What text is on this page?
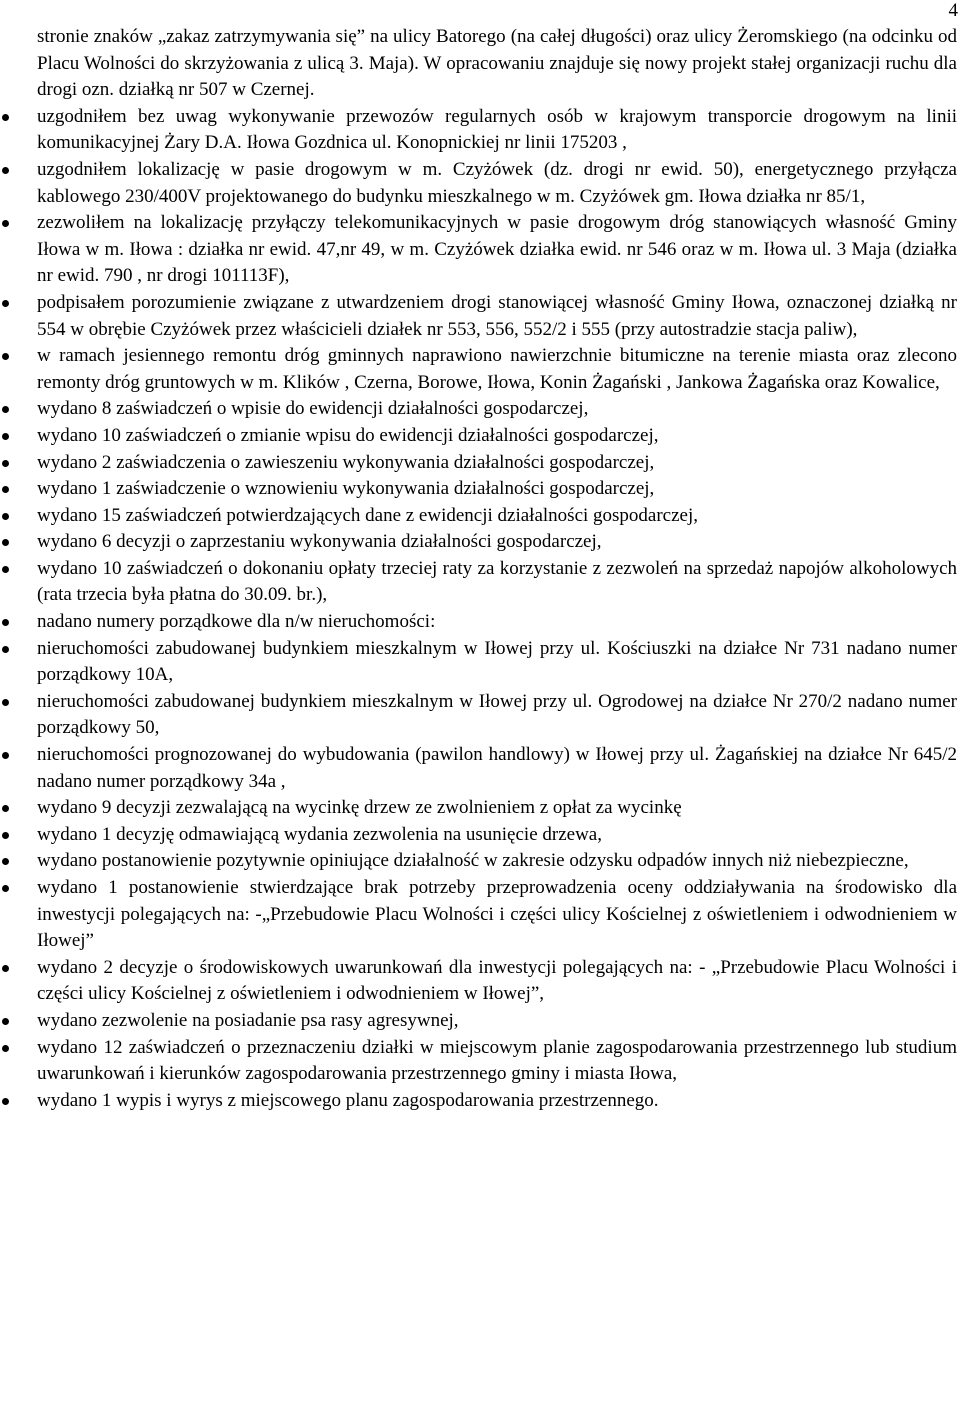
4

stronie znaków „zakaz zatrzymywania się” na ulicy Batorego (na całej długości) oraz ulicy Żeromskiego (na odcinku od Placu Wolności do skrzyżowania z ulicą 3. Maja). W opracowaniu znajduje się nowy projekt stałej organizacji ruchu dla drogi ozn. działką nr 507 w Czernej.

uzgodniłem bez uwag wykonywanie przewozów regularnych osób w krajowym transporcie drogowym na linii komunikacyjnej Żary D.A. Iłowa Gozdnica ul. Konopnickiej nr linii 175203 ,
uzgodniłem lokalizację w pasie drogowym w m. Czyżówek (dz. drogi nr ewid. 50), energetycznego przyłącza kablowego 230/400V projektowanego do budynku mieszkalnego w m. Czyżówek gm. Iłowa działka nr 85/1,
zezwoliłem na lokalizację przyłączy telekomunikacyjnych w pasie drogowym dróg stanowiących własność Gminy Iłowa w m. Iłowa : działka nr ewid. 47,nr 49, w m. Czyżówek działka ewid. nr 546 oraz w m. Iłowa ul. 3 Maja (działka nr ewid. 790 , nr drogi 101113F),
podpisałem porozumienie związane z utwardzeniem drogi stanowiącej własność Gminy Iłowa, oznaczonej działką nr 554 w obrębie Czyżówek przez właścicieli działek nr 553, 556, 552/2 i 555 (przy autostradzie stacja paliw),
w ramach jesiennego remontu dróg gminnych naprawiono nawierzchnie bitumiczne na terenie miasta oraz zlecono remonty dróg gruntowych w m. Klików , Czerna, Borowe, Iłowa, Konin Żagański , Jankowa Żagańska oraz Kowalice,
wydano 8 zaświadczeń o wpisie do ewidencji działalności gospodarczej,
wydano 10 zaświadczeń o zmianie wpisu do ewidencji działalności gospodarczej,
wydano 2 zaświadczenia o zawieszeniu wykonywania działalności gospodarczej,
wydano 1 zaświadczenie o wznowieniu wykonywania działalności gospodarczej,
wydano 15 zaświadczeń potwierdzających dane z ewidencji działalności gospodarczej,
wydano 6 decyzji o zaprzestaniu wykonywania działalności gospodarczej,
wydano 10 zaświadczeń o dokonaniu opłaty trzeciej raty za korzystanie z zezwoleń na sprzedaż napojów alkoholowych (rata trzecia była płatna do 30.09. br.),
nadano numery porządkowe dla n/w nieruchomości:
nieruchomości zabudowanej budynkiem mieszkalnym w Iłowej przy ul. Kościuszki na działce Nr 731 nadano numer porządkowy 10A,
nieruchomości zabudowanej budynkiem mieszkalnym w Iłowej przy ul. Ogrodowej na działce Nr 270/2 nadano numer porządkowy 50,
nieruchomości prognozowanej do wybudowania (pawilon handlowy) w Iłowej przy ul. Żagańskiej na działce Nr 645/2 nadano numer porządkowy 34a ,
wydano 9 decyzji zezwalającą na wycinkę drzew ze zwolnieniem z opłat za wycinkę
wydano 1 decyzję odmawiającą wydania zezwolenia na usunięcie drzewa,
wydano postanowienie pozytywnie opiniujące działalność w zakresie odzysku odpadów innych niż niebezpieczne,
wydano 1 postanowienie stwierdzające brak potrzeby przeprowadzenia oceny oddziaływania na środowisko dla inwestycji polegających na: -„Przebudowie Placu Wolności i części ulicy Kościelnej z oświetleniem i odwodnieniem w Iłowej”
wydano 2 decyzje o środowiskowych uwarunkowań dla inwestycji polegających na: - „Przebudowie Placu Wolności i części ulicy Kościelnej z oświetleniem i odwodnieniem w Iłowej”,
wydano zezwolenie na posiadanie psa rasy agresywnej,
wydano 12 zaświadczeń o przeznaczeniu działki w miejscowym planie zagospodarowania przestrzennego lub studium uwarunkowań i kierunków zagospodarowania przestrzennego gminy i miasta Iłowa,
wydano 1 wypis i wyrys z miejscowego planu zagospodarowania przestrzennego.
